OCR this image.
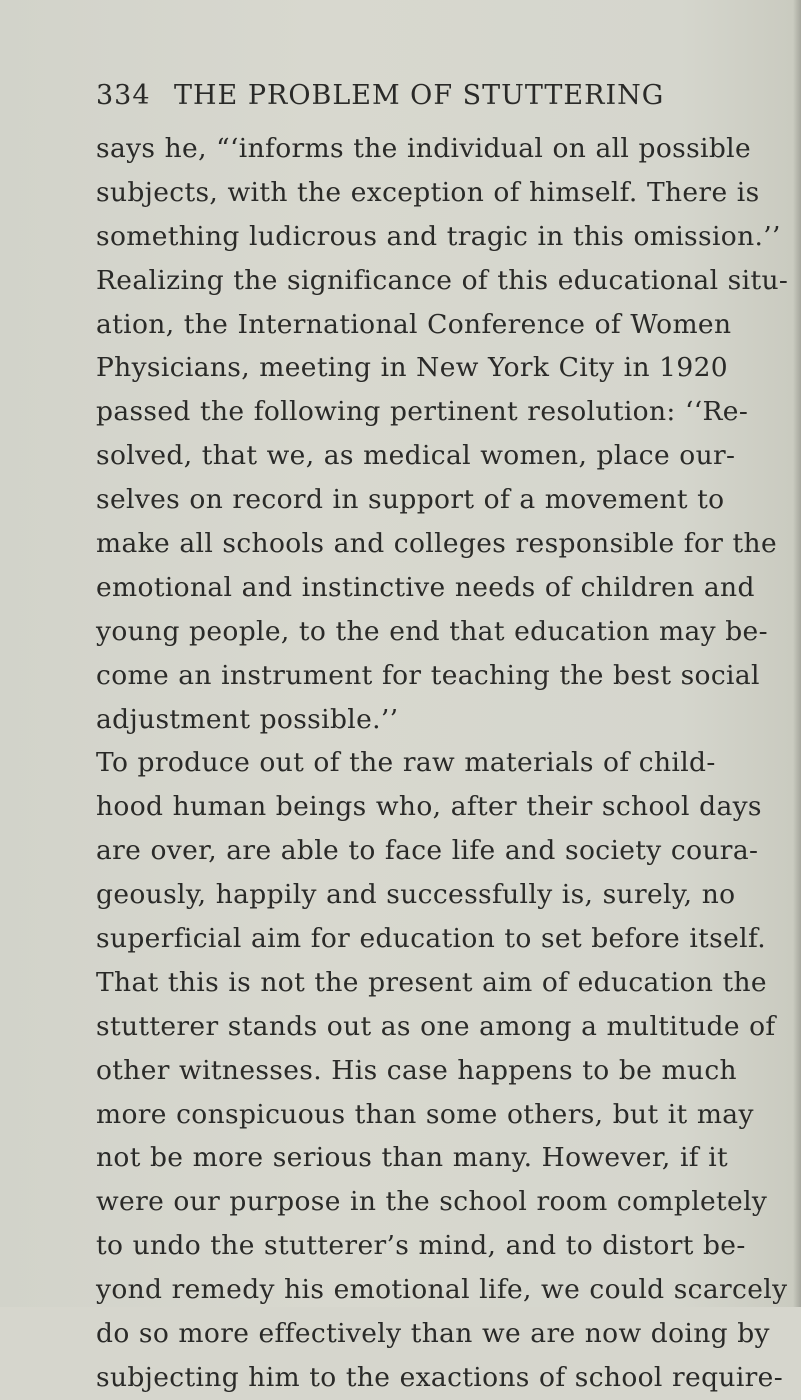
334 THE PROBLEM OF STUTTERING
says he, “‘informs the individual on all possible
subjects, with the exception of himself. There is
something ludicrous and tragic in this omission.’’
Realizing the significance of this educational situ-
ation, the International Conference of Women
Physicians, meeting in New York City in 1920
passed the following pertinent resolution: ‘‘Re-
solved, that we, as medical women, place our-
selves on record in support of a movement to
make all schools and colleges responsible for the
emotional and instinctive needs of children and
young people, to the end that education may be-
come an instrument for teaching the best social
adjustment possible.’’
To produce out of the raw materials of child-
hood human beings who, after their school days
are over, are able to face life and society coura-
geously, happily and successfully is, surely, no
superficial aim for education to set before itself.
That this is not the present aim of education the
stutterer stands out as one among a multitude of
other witnesses. His case happens to be much
more conspicuous than some others, but it may
not be more serious than many. However, if it
were our purpose in the school room completely
to undo the stutterer’s mind, and to distort be-
yond remedy his emotional life, we could scarcely
do so more effectively than we are now doing by
subjecting him to the exactions of school require-
